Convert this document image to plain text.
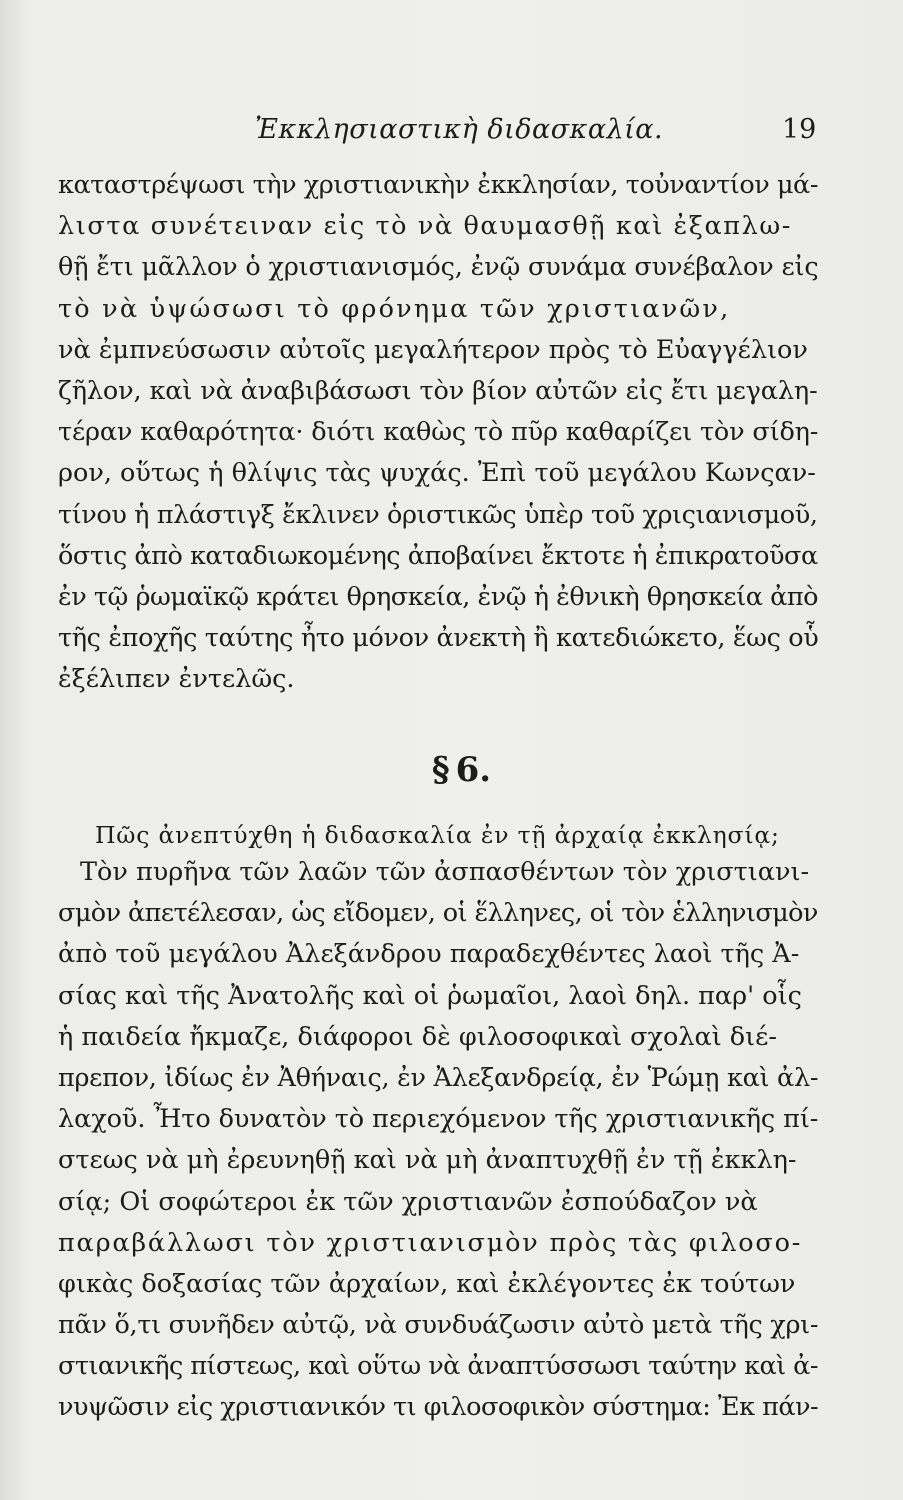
Ἐκκλησιαστικὴ διδασκαλία.	19
καταστρέψωσι τὴν χριστιανικὴν ἐκκλησίαν, τοὐναντίον μά-
λιστα συνέτειναν εἰς τὸ νὰ θαυμασθῇ καὶ ἐξαπλω-
θῇ ἔτι μᾶλλον ὁ χριστιανισμός, ἐνῷ συνάμα συνέβαλον εἰς
τὸ νὰ ὑψώσωσι τὸ φρόνημα τῶν χριστιανῶν,
νὰ ἐμπνεύσωσιν αὐτοῖς μεγαλήτερον πρὸς τὸ Εὐαγγέλιον
ζῆλον, καὶ νὰ ἀναβιβάσωσι τὸν βίον αὐτῶν εἰς ἔτι μεγαλη-
τέραν καθαρότητα· διότι καθὼς τὸ πῦρ καθαρίζει τὸν σίδη-
ρον, οὕτως ἡ θλίψις τὰς ψυχάς. Ἐπὶ τοῦ μεγάλου Κωνςαν-
τίνου ἡ πλάστιγξ ἔκλινεν ὁριστικῶς ὑπὲρ τοῦ χριςιανισμοῦ,
ὅστις ἀπὸ καταδιωκομένης ἀποβαίνει ἔκτοτε ἡ ἐπικρατοῦσα
ἐν τῷ ῥωμαϊκῷ κράτει θρησκεία, ἐνῷ ἡ ἐθνικὴ θρησκεία ἀπὸ
τῆς ἐποχῆς ταύτης ἦτο μόνον ἀνεκτὴ ἢ κατεδιώκετο, ἕως οὗ
ἐξέλιπεν ἐντελῶς.
§ 6.
Πῶς ἀνεπτύχθη ἡ διδασκαλία ἐν τῇ ἀρχαίᾳ ἐκκλησίᾳ;
Τὸν πυρῆνα τῶν λαῶν τῶν ἀσπασθέντων τὸν χριστιανι-
σμὸν ἀπετέλεσαν, ὡς εἴδομεν, οἱ ἕλληνες, οἱ τὸν ἑλληνισμὸν
ἀπὸ τοῦ μεγάλου Ἀλεξάνδρου παραδεχθέντες λαοὶ τῆς Ἀ-
σίας καὶ τῆς Ἀνατολῆς καὶ οἱ ῥωμαῖοι, λαοὶ δηλ. παρ' οἷς
ἡ παιδεία ἤκμαζε, διάφοροι δὲ φιλοσοφικαὶ σχολαὶ διέ-
πρεπον, ἰδίως ἐν Ἀθήναις, ἐν Ἀλεξανδρείᾳ, ἐν Ῥώμῃ καὶ ἀλ-
λαχοῦ. Ἦτο δυνατὸν τὸ περιεχόμενον τῆς χριστιανικῆς πί-
στεως νὰ μὴ ἐρευνηθῇ καὶ νὰ μὴ ἀναπτυχθῇ ἐν τῇ ἐκκλη-
σίᾳ; Οἱ σοφώτεροι ἐκ τῶν χριστιανῶν ἐσπούδαζον νὰ
παραβάλλωσι τὸν χριστιανισμὸν πρὸς τὰς φιλοσο-
φικὰς δοξασίας τῶν ἀρχαίων, καὶ ἐκλέγοντες ἐκ τούτων
πᾶν ὅ,τι συνῆδεν αὐτῷ, νὰ συνδυάζωσιν αὐτὸ μετὰ τῆς χρι-
στιανικῆς πίστεως, καὶ οὕτω νὰ ἀναπτύσσωσι ταύτην καὶ ἀ-
νυψῶσιν εἰς χριστιανικόν τι φιλοσοφικὸν σύστημα: Ἐκ πάν-
